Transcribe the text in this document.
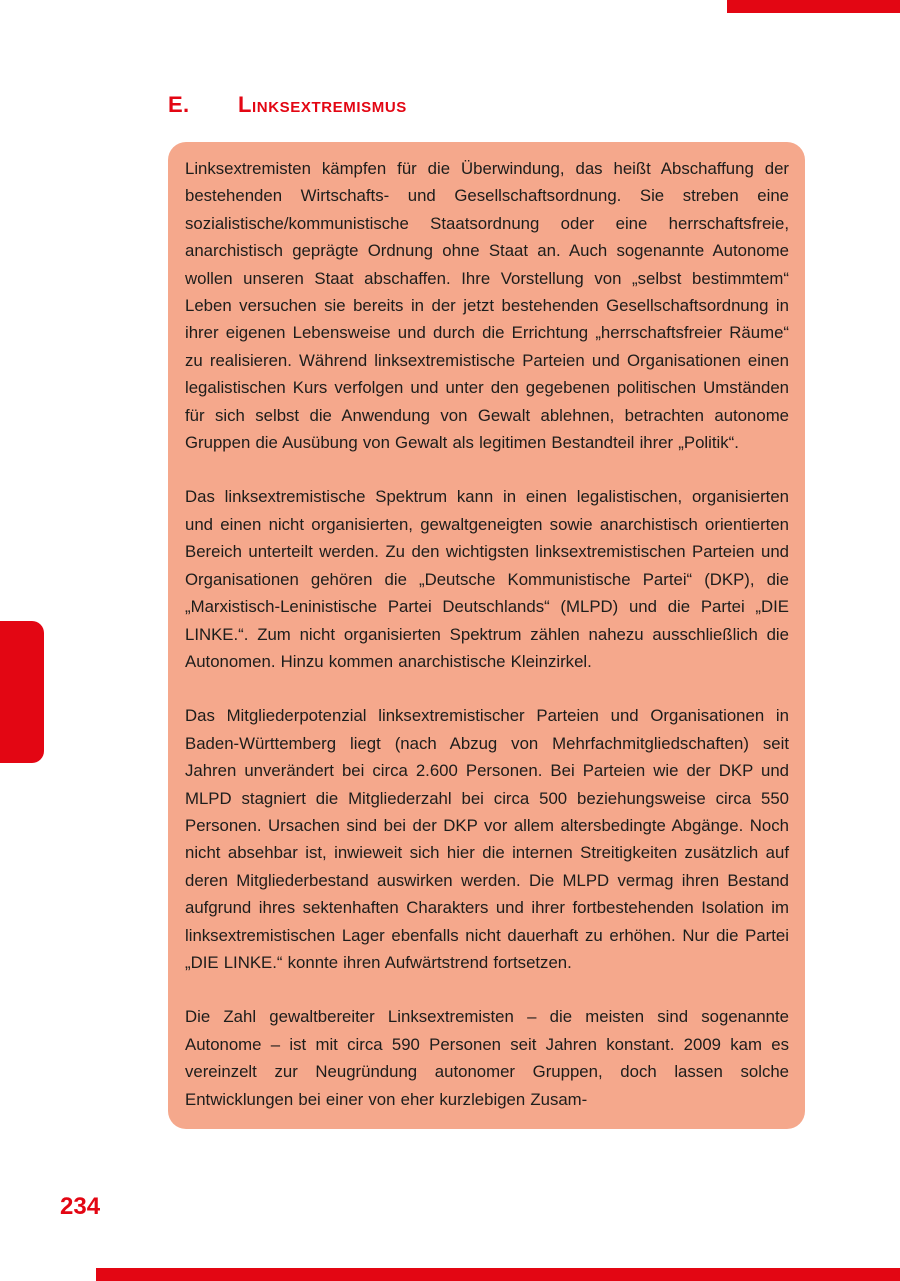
E. Linksextremismus

Linksextremisten kämpfen für die Überwindung, das heißt Abschaffung der bestehenden Wirtschafts- und Gesellschaftsordnung. Sie streben eine sozialistische/kommunistische Staatsordnung oder eine herrschaftsfreie, anarchistisch geprägte Ordnung ohne Staat an. Auch sogenannte Autonome wollen unseren Staat abschaffen. Ihre Vorstellung von „selbst bestimmtem“ Leben versuchen sie bereits in der jetzt bestehenden Gesellschaftsordnung in ihrer eigenen Lebensweise und durch die Errichtung „herrschaftsfreier Räume“ zu realisieren. Während linksextremistische Parteien und Organisationen einen legalistischen Kurs verfolgen und unter den gegebenen politischen Umständen für sich selbst die Anwendung von Gewalt ablehnen, betrachten autonome Gruppen die Ausübung von Gewalt als legitimen Bestandteil ihrer „Politik“.

Das linksextremistische Spektrum kann in einen legalistischen, organisierten und einen nicht organisierten, gewaltgeneigten sowie anarchistisch orientierten Bereich unterteilt werden. Zu den wichtigsten linksextremistischen Parteien und Organisationen gehören die „Deutsche Kommunistische Partei“ (DKP), die „Marxistisch-Leninistische Partei Deutschlands“ (MLPD) und die Partei „DIE LINKE.“. Zum nicht organisierten Spektrum zählen nahezu ausschließlich die Autonomen. Hinzu kommen anarchistische Kleinzirkel.

Das Mitgliederpotenzial linksextremistischer Parteien und Organisationen in Baden-Württemberg liegt (nach Abzug von Mehrfachmitgliedschaften) seit Jahren unverändert bei circa 2.600 Personen. Bei Parteien wie der DKP und MLPD stagniert die Mitgliederzahl bei circa 500 beziehungsweise circa 550 Personen. Ursachen sind bei der DKP vor allem altersbedingte Abgänge. Noch nicht absehbar ist, inwieweit sich hier die internen Streitigkeiten zusätzlich auf deren Mitgliederbestand auswirken werden. Die MLPD vermag ihren Bestand aufgrund ihres sektenhaften Charakters und ihrer fortbestehenden Isolation im linksextremistischen Lager ebenfalls nicht dauerhaft zu erhöhen. Nur die Partei „DIE LINKE.“ konnte ihren Aufwärtstrend fortsetzen.

Die Zahl gewaltbereiter Linksextremisten – die meisten sind sogenannte Autonome – ist mit circa 590 Personen seit Jahren konstant. 2009 kam es vereinzelt zur Neugründung autonomer Gruppen, doch lassen solche Entwicklungen bei einer von eher kurzlebigen Zusam-

234
